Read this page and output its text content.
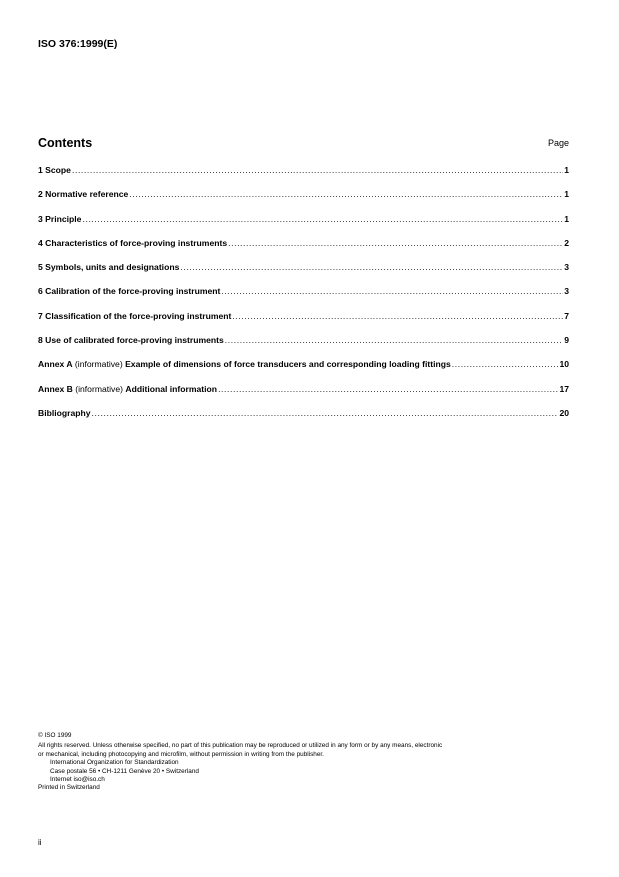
ISO 376:1999(E)
Contents	Page
1 Scope .....	1
2 Normative reference .....	1
3 Principle .....	1
4 Characteristics of force-proving instruments .....	2
5 Symbols, units and designations .....	3
6 Calibration of the force-proving instrument .....	3
7 Classification of the force-proving instrument .....	7
8 Use of calibrated force-proving instruments .....	9
Annex A (informative) Example of dimensions of force transducers and corresponding loading fittings .....	10
Annex B (informative) Additional information .....	17
Bibliography .....	20
© ISO 1999
All rights reserved. Unless otherwise specified, no part of this publication may be reproduced or utilized in any form or by any means, electronic
or mechanical, including photocopying and microfilm, without permission in writing from the publisher.
International Organization for Standardization
Case postale 56 • CH-1211 Genève 20 • Switzerland
Internet iso@iso.ch
Printed in Switzerland
ii
